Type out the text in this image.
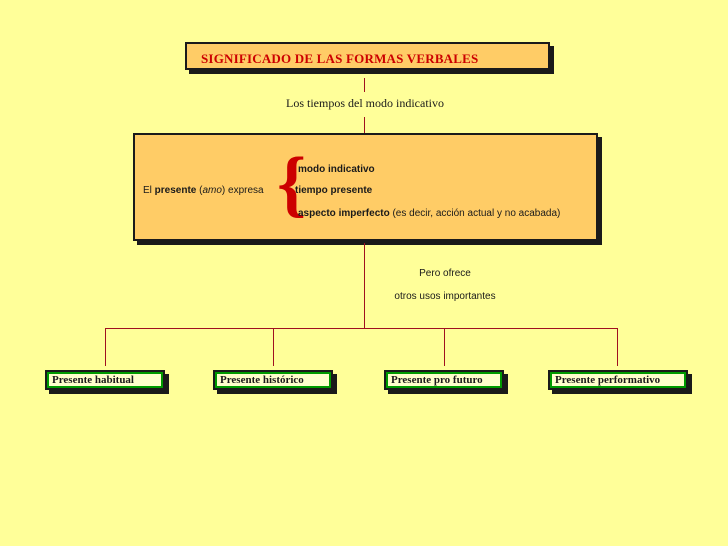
SIGNIFICADO DE LAS FORMAS VERBALES
Los tiempos del modo indicativo
El presente (amo) expresa {
modo indicativo
tiempo presente
aspecto imperfecto (es decir, acción actual y no acabada)
Pero ofrece
otros usos importantes
Presente habitual	Presente histórico	Presente pro futuro	Presente performativo
